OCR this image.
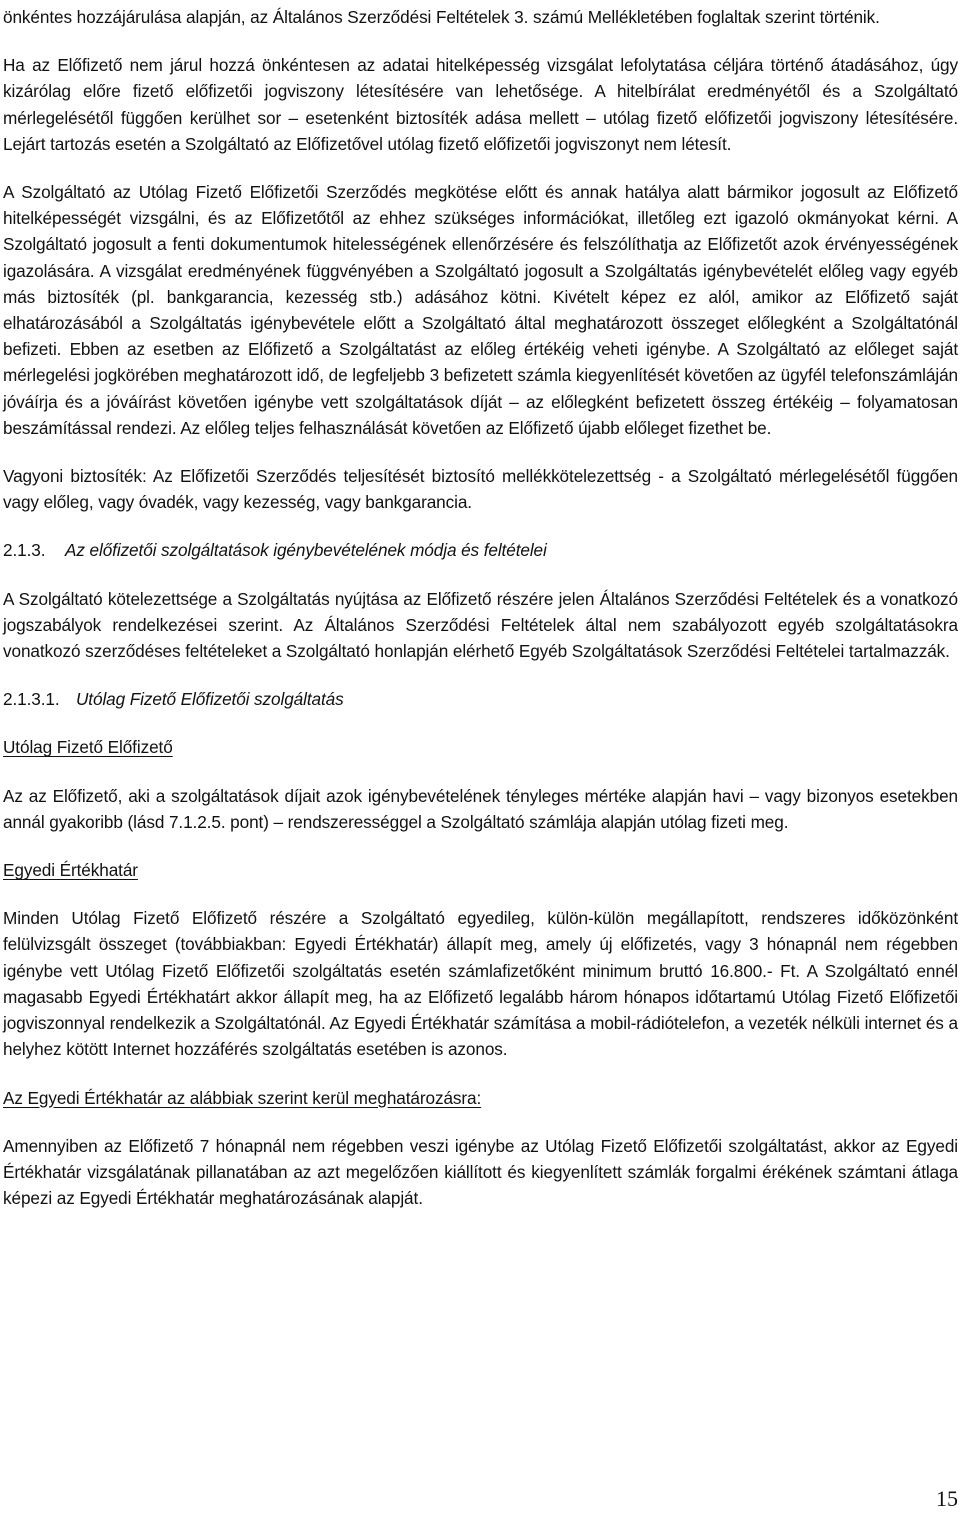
önkéntes hozzájárulása alapján, az Általános Szerződési Feltételek 3. számú Mellékletében foglaltak szerint történik.

Ha az Előfizető nem járul hozzá önkéntesen az adatai hitelképesség vizsgálat lefolytatása céljára történő átadásához, úgy kizárólag előre fizető előfizetői jogviszony létesítésére van lehetősége. A hitelbírálat eredményétől és a Szolgáltató mérlegelésétől függően kerülhet sor – esetenként biztosíték adása mellett – utólag fizető előfizetői jogviszony létesítésére. Lejárt tartozás esetén a Szolgáltató az Előfizetővel utólag fizető előfizetői jogviszonyt nem létesít.

A Szolgáltató az Utólag Fizető Előfizetői Szerződés megkötése előtt és annak hatálya alatt bármikor jogosult az Előfizető hitelképességét vizsgálni, és az Előfizetőtől az ehhez szükséges információkat, illetőleg ezt igazoló okmányokat kérni. A Szolgáltató jogosult a fenti dokumentumok hitelességének ellenőrzésére és felszólíthatja az Előfizetőt azok érvényességének igazolására. A vizsgálat eredményének függvényében a Szolgáltató jogosult a Szolgáltatás igénybevételét előleg vagy egyéb más biztosíték (pl. bankgarancia, kezesség stb.) adásához kötni. Kivételt képez ez alól, amikor az Előfizető saját elhatározásából a Szolgáltatás igénybevétele előtt a Szolgáltató által meghatározott összeget előlegként a Szolgáltatónál befizeti. Ebben az esetben az Előfizető a Szolgáltatást az előleg értékéig veheti igénybe. A Szolgáltató az előleget saját mérlegelési jogkörében meghatározott idő, de legfeljebb 3 befizetett számla kiegyenlítését követően az ügyfél telefonszámláján jóváírja és a jóváírást követően igénybe vett szolgáltatások díját – az előlegként befizetett összeg értékéig – folyamatosan beszámítással rendezi. Az előleg teljes felhasználását követően az Előfizető újabb előleget fizethet be.

Vagyoni biztosíték: Az Előfizetői Szerződés teljesítését biztosító mellékkötelezettség - a Szolgáltató mérlegelésétől függően vagy előleg, vagy óvadék, vagy kezesség, vagy bankgarancia.

2.1.3. Az előfizetői szolgáltatások igénybevételének módja és feltételei

A Szolgáltató kötelezettsége a Szolgáltatás nyújtása az Előfizető részére jelen Általános Szerződési Feltételek és a vonatkozó jogszabályok rendelkezései szerint. Az Általános Szerződési Feltételek által nem szabályozott egyéb szolgáltatásokra vonatkozó szerződéses feltételeket a Szolgáltató honlapján elérhető Egyéb Szolgáltatások Szerződési Feltételei tartalmazzák.

2.1.3.1. Utólag Fizető Előfizetői szolgáltatás

Utólag Fizető Előfizető

Az az Előfizető, aki a szolgáltatások díjait azok igénybevételének tényleges mértéke alapján havi – vagy bizonyos esetekben annál gyakoribb (lásd 7.1.2.5. pont) – rendszerességgel a Szolgáltató számlája alapján utólag fizeti meg.

Egyedi Értékhatár

Minden Utólag Fizető Előfizető részére a Szolgáltató egyedileg, külön-külön megállapított, rendszeres időközönként felülvizsgált összeget (továbbiakban: Egyedi Értékhatár) állapít meg, amely új előfizetés, vagy 3 hónapnál nem régebben igénybe vett Utólag Fizető Előfizetői szolgáltatás esetén számlafizetőként minimum bruttó 16.800.- Ft. A Szolgáltató ennél magasabb Egyedi Értékhatárt akkor állapít meg, ha az Előfizető legalább három hónapos időtartamú Utólag Fizető Előfizetői jogviszonnyal rendelkezik a Szolgáltatónál. Az Egyedi Értékhatár számítása a mobil-rádiótelefon, a vezeték nélküli internet és a helyhez kötött Internet hozzáférés szolgáltatás esetében is azonos.

Az Egyedi Értékhatár az alábbiak szerint kerül meghatározásra:

Amennyiben az Előfizető 7 hónapnál nem régebben veszi igénybe az Utólag Fizető Előfizetői szolgáltatást, akkor az Egyedi Értékhatár vizsgálatának pillanatában az azt megelőzően kiállított és kiegyenlített számlák forgalmi érékének számtani átlaga képezi az Egyedi Értékhatár meghatározásának alapját.

15
